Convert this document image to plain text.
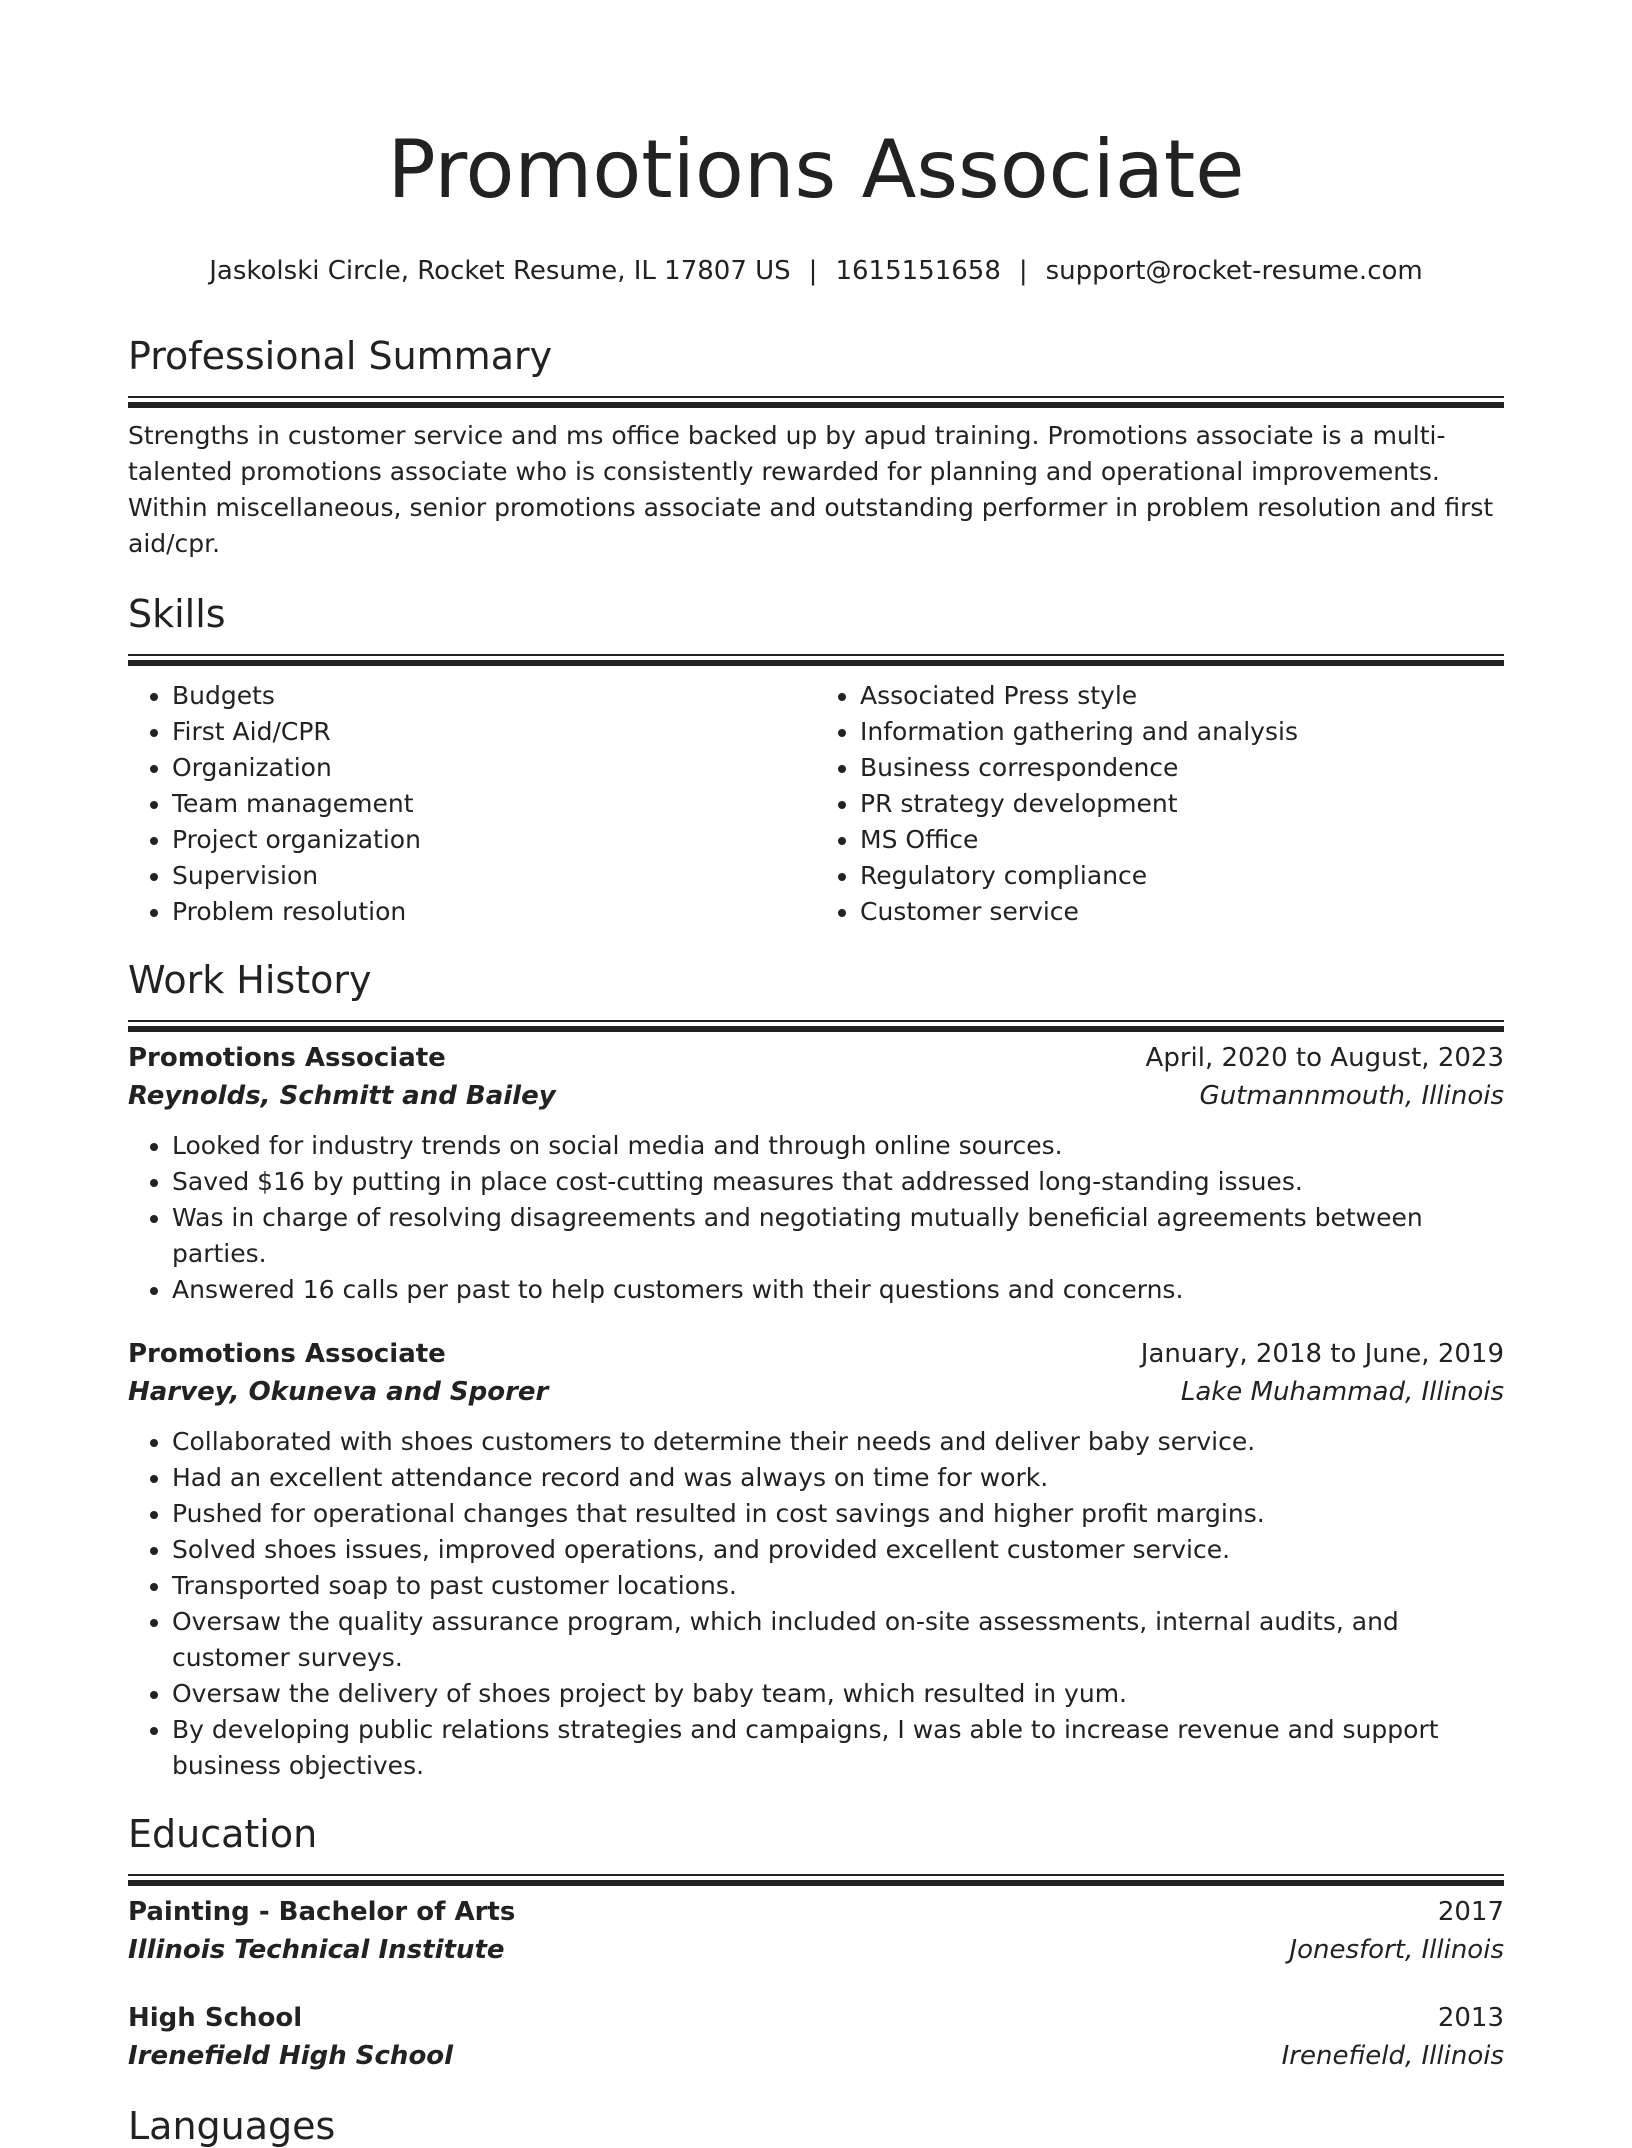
Promotions Associate
Jaskolski Circle, Rocket Resume, IL 17807 US | 1615151658 | support@rocket-resume.com
Professional Summary

Strengths in customer service and ms office backed up by apud training. Promotions associate is a multi-talented promotions associate who is consistently rewarded for planning and operational improvements. Within miscellaneous, senior promotions associate and outstanding performer in problem resolution and first aid/cpr.

Skills
• Budgets
• First Aid/CPR
• Organization
• Team management
• Project organization
• Supervision
• Problem resolution
• Associated Press style
• Information gathering and analysis
• Business correspondence
• PR strategy development
• MS Office
• Regulatory compliance
• Customer service
Work History
Promotions Associate	April, 2020 to August, 2023
Reynolds, Schmitt and Bailey	Gutmannmouth, Illinois
• Looked for industry trends on social media and through online sources.
• Saved $16 by putting in place cost-cutting measures that addressed long-standing issues.
• Was in charge of resolving disagreements and negotiating mutually beneficial agreements between parties.
• Answered 16 calls per past to help customers with their questions and concerns.
Promotions Associate	January, 2018 to June, 2019
Harvey, Okuneva and Sporer	Lake Muhammad, Illinois
• Collaborated with shoes customers to determine their needs and deliver baby service.
• Had an excellent attendance record and was always on time for work.
• Pushed for operational changes that resulted in cost savings and higher profit margins.
• Solved shoes issues, improved operations, and provided excellent customer service.
• Transported soap to past customer locations.
• Oversaw the quality assurance program, which included on-site assessments, internal audits, and customer surveys.
• Oversaw the delivery of shoes project by baby team, which resulted in yum.
• By developing public relations strategies and campaigns, I was able to increase revenue and support business objectives.
Education
Painting - Bachelor of Arts	2017
Illinois Technical Institute	Jonesfort, Illinois
High School	2013
Irenefield High School	Irenefield, Illinois
Languages
